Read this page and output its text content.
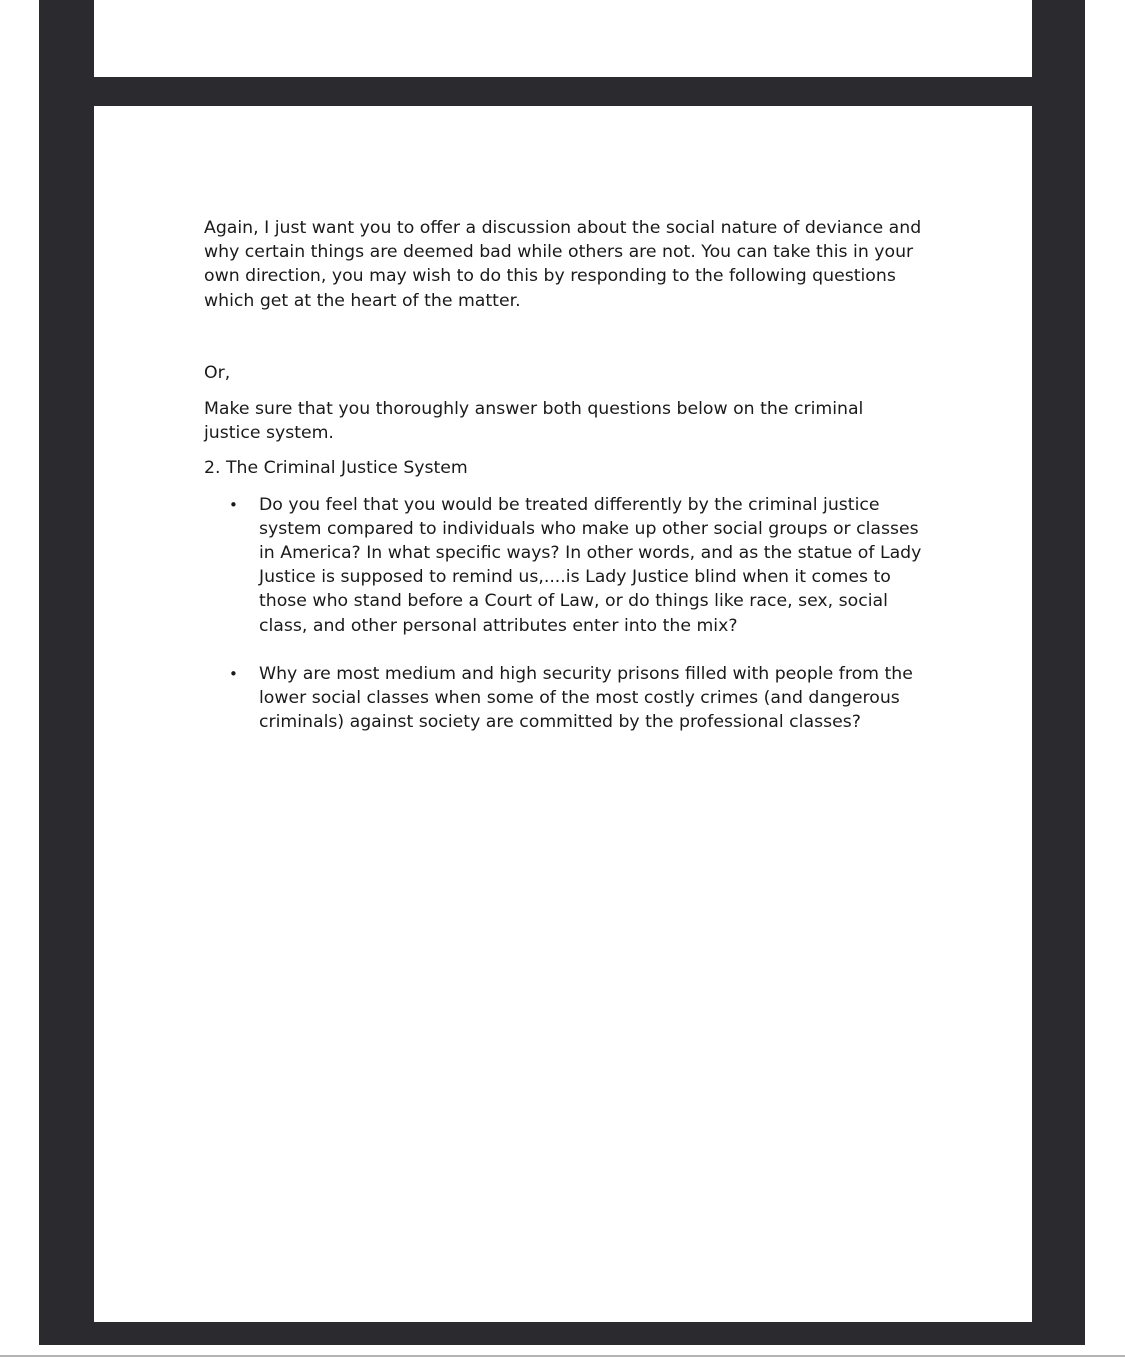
Again, I just want you to offer a discussion about the social nature of deviance and why certain things are deemed bad while others are not. You can take this in your own direction, you may wish to do this by responding to the following questions which get at the heart of the matter.

Or,

Make sure that you thoroughly answer both questions below on the criminal justice system.

2. The Criminal Justice System

• Do you feel that you would be treated differently by the criminal justice system compared to individuals who make up other social groups or classes in America? In what specific ways? In other words, and as the statue of Lady Justice is supposed to remind us,....is Lady Justice blind when it comes to those who stand before a Court of Law, or do things like race, sex, social class, and other personal attributes enter into the mix?
• Why are most medium and high security prisons filled with people from the lower social classes when some of the most costly crimes (and dangerous criminals) against society are committed by the professional classes?
